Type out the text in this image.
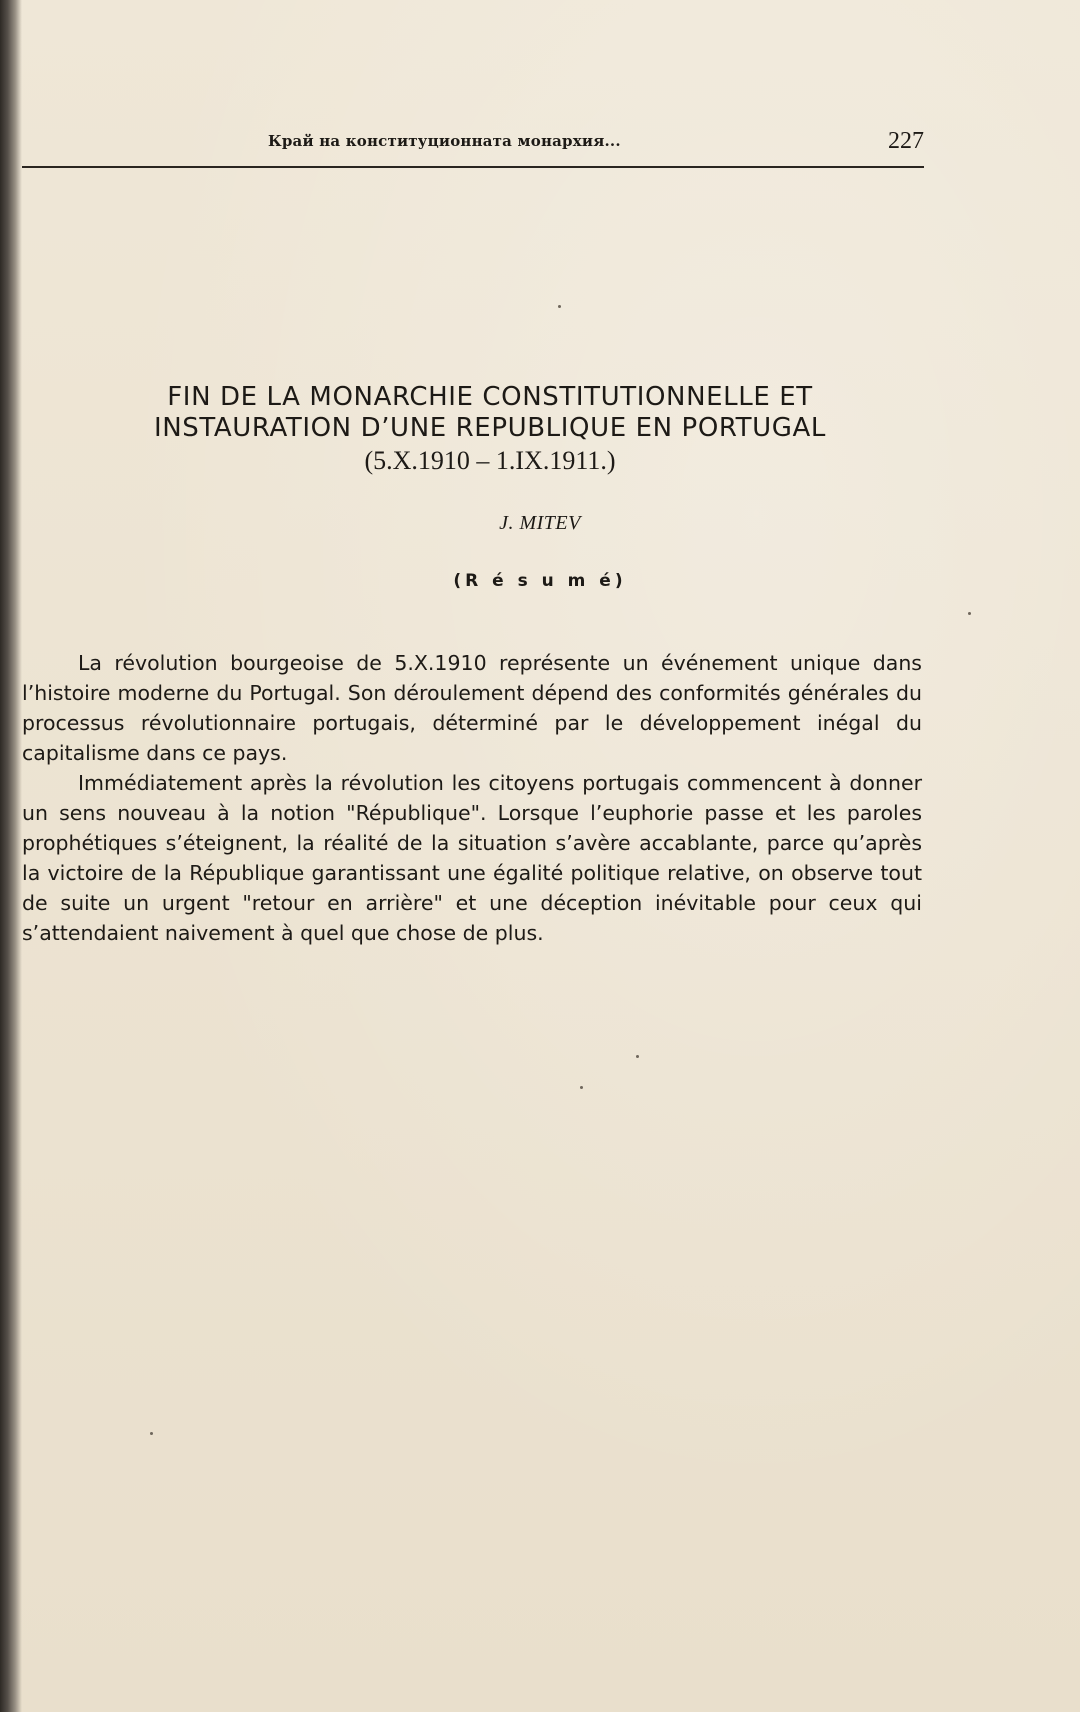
Край на конституционната монархия...	227
FIN DE LA MONARCHIE CONSTITUTIONNELLE ET
INSTAURATION D’UNE REPUBLIQUE EN PORTUGAL
(5.X.1910 – 1.IX.1911.)
J. MITEV
(R é s u m é)

La révolution bourgeoise de 5.X.1910 représente un événement unique dans l’histoire moderne du Portugal. Son déroulement dépend des conformités générales du processus révolutionnaire portugais, déterminé par le développement inégal du capitalisme dans ce pays.

Immédiatement après la révolution les citoyens portugais commencent à donner un sens nouveau à la notion "République". Lorsque l’euphorie passe et les paroles prophétiques s’éteignent, la réalité de la situation s’avère accablante, parce qu’après la victoire de la République garantissant une égalité politique relative, on observe tout de suite un urgent "retour en arrière" et une déception inévitable pour ceux qui s’attendaient naivement à quel que chose de plus.
